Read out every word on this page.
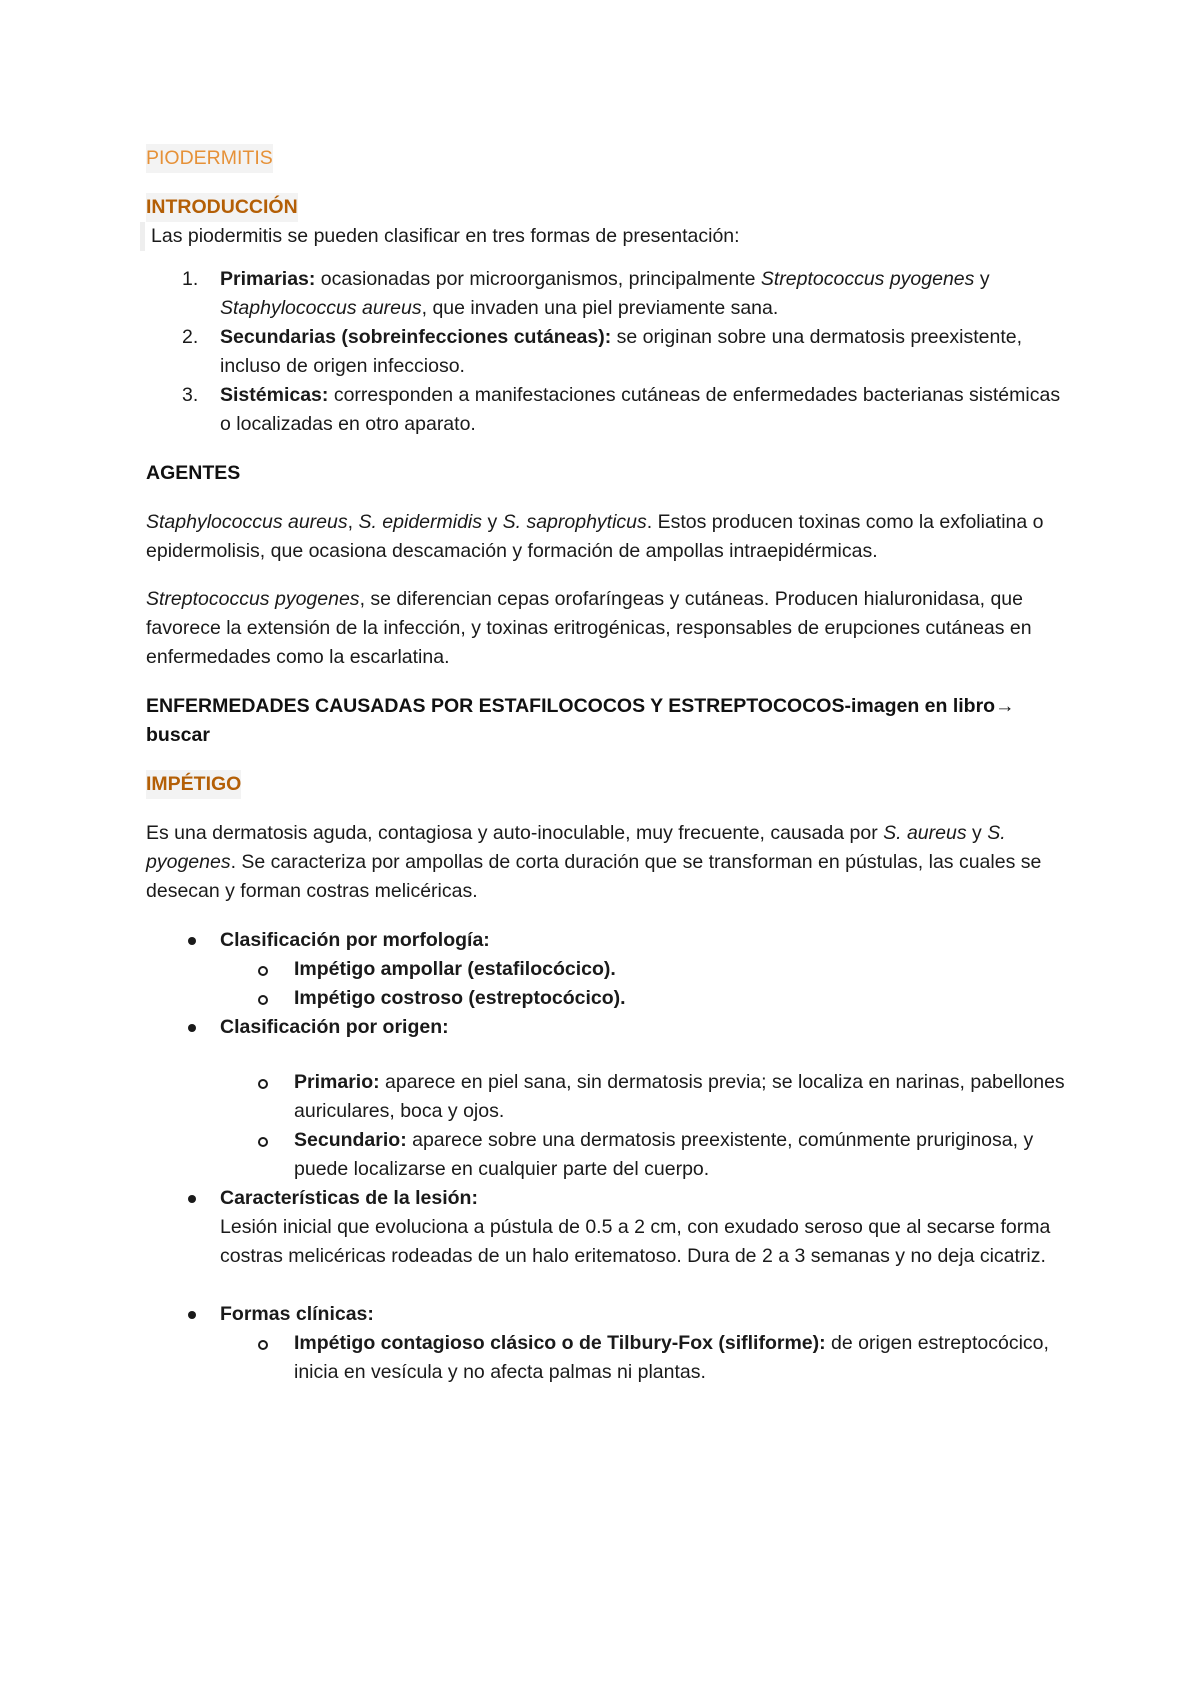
PIODERMITIS
INTRODUCCIÓN

Las piodermitis se pueden clasificar en tres formas de presentación:

1. Primarias: ocasionadas por microorganismos, principalmente Streptococcus pyogenes y Staphylococcus aureus, que invaden una piel previamente sana.
2. Secundarias (sobreinfecciones cutáneas): se originan sobre una dermatosis preexistente, incluso de origen infeccioso.
3. Sistémicas: corresponden a manifestaciones cutáneas de enfermedades bacterianas sistémicas o localizadas en otro aparato.

AGENTES

Staphylococcus aureus, S. epidermidis y S. saprophyticus. Estos producen toxinas como la exfoliatina o epidermolisis, que ocasiona descamación y formación de ampollas intraepidérmicas.

Streptococcus pyogenes, se diferencian cepas orofaríngeas y cutáneas. Producen hialuronidasa, que favorece la extensión de la infección, y toxinas eritrogénicas, responsables de erupciones cutáneas en enfermedades como la escarlatina.

ENFERMEDADES CAUSADAS POR ESTAFILOCOCOS Y ESTREPTOCOCOS-imagen en libro→ buscar

IMPÉTIGO

Es una dermatosis aguda, contagiosa y auto-inoculable, muy frecuente, causada por S. aureus y S. pyogenes. Se caracteriza por ampollas de corta duración que se transforman en pústulas, las cuales se desecan y forman costras melicéricas.

Clasificación por morfología:
Impétigo ampollar (estafilocócico).
Impétigo costroso (estreptocócico).
Clasificación por origen:
Primario: aparece en piel sana, sin dermatosis previa; se localiza en narinas, pabellones auriculares, boca y ojos.
Secundario: aparece sobre una dermatosis preexistente, comúnmente pruriginosa, y puede localizarse en cualquier parte del cuerpo.
Características de la lesión:

Lesión inicial que evoluciona a pústula de 0.5 a 2 cm, con exudado seroso que al secarse forma costras melicéricas rodeadas de un halo eritematoso. Dura de 2 a 3 semanas y no deja cicatriz.

Formas clínicas:
Impétigo contagioso clásico o de Tilbury-Fox (sifliforme): de origen estreptocócico, inicia en vesícula y no afecta palmas ni plantas.
